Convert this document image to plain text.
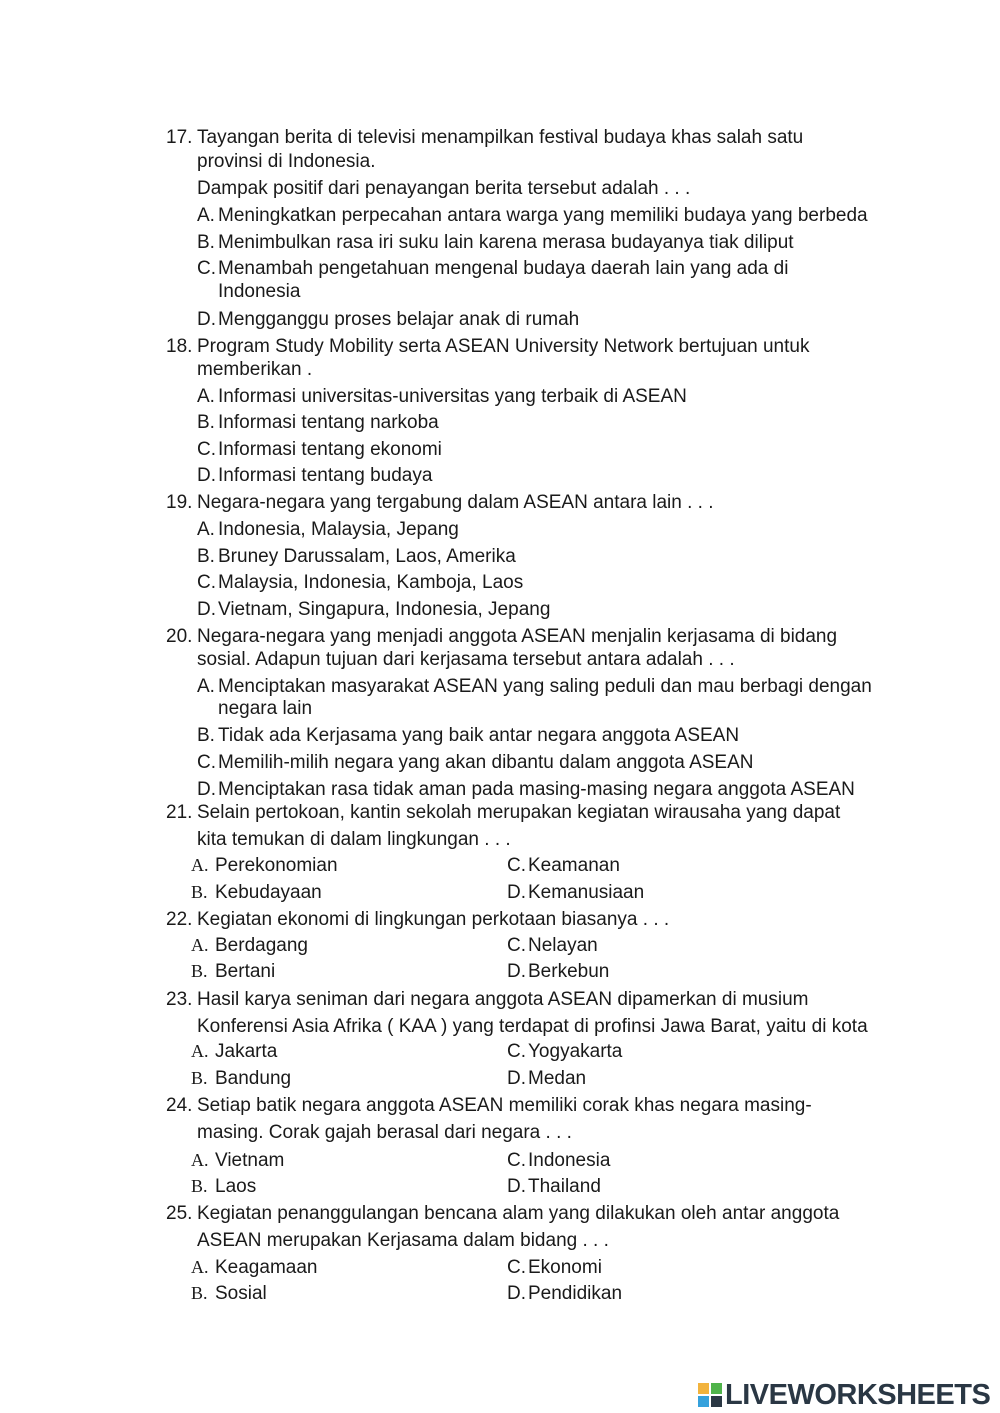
17. Tayangan berita di televisi menampilkan festival budaya khas salah satu
provinsi di Indonesia.
Dampak positif dari penayangan berita tersebut adalah . . .
A. Meningkatkan perpecahan antara warga yang memiliki budaya yang berbeda
B. Menimbulkan rasa iri suku lain karena merasa budayanya tiak diliput
C. Menambah pengetahuan mengenal budaya daerah lain yang ada di
Indonesia
D. Mengganggu proses belajar anak di rumah
18. Program Study Mobility serta ASEAN University Network bertujuan untuk
memberikan .
A. Informasi universitas-universitas yang terbaik di ASEAN
B. Informasi tentang narkoba
C. Informasi tentang ekonomi
D. Informasi tentang budaya
19. Negara-negara yang tergabung dalam ASEAN antara lain . . .
A. Indonesia, Malaysia, Jepang
B. Bruney Darussalam, Laos, Amerika
C. Malaysia, Indonesia, Kamboja, Laos
D. Vietnam, Singapura, Indonesia, Jepang
20. Negara-negara yang menjadi anggota ASEAN menjalin kerjasama di bidang
sosial. Adapun tujuan dari kerjasama tersebut antara adalah . . .
A. Menciptakan masyarakat ASEAN yang saling peduli dan mau berbagi dengan
negara lain
B. Tidak ada Kerjasama yang baik antar negara anggota ASEAN
C. Memilih-milih negara yang akan dibantu dalam anggota ASEAN
D. Menciptakan rasa tidak aman pada masing-masing negara anggota ASEAN
21. Selain pertokoan, kantin sekolah merupakan kegiatan wirausaha yang dapat
kita temukan di dalam lingkungan . . .
A. Perekonomian	C. Keamanan
B. Kebudayaan	D. Kemanusiaan
22. Kegiatan ekonomi di lingkungan perkotaan biasanya . . .
A. Berdagang	C. Nelayan
B. Bertani	D. Berkebun
23. Hasil karya seniman dari negara anggota ASEAN dipamerkan di musium
Konferensi Asia Afrika ( KAA ) yang terdapat di profinsi Jawa Barat, yaitu di kota
A. Jakarta	C. Yogyakarta
B. Bandung	D. Medan
24. Setiap batik negara anggota ASEAN memiliki corak khas negara masing-
masing. Corak gajah berasal dari negara . . .
A. Vietnam	C. Indonesia
B. Laos	D. Thailand
25. Kegiatan penanggulangan bencana alam yang dilakukan oleh antar anggota
ASEAN merupakan Kerjasama dalam bidang . . .
A. Keagamaan	C. Ekonomi
B. Sosial	D. Pendidikan
LIVEWORKSHEETS
